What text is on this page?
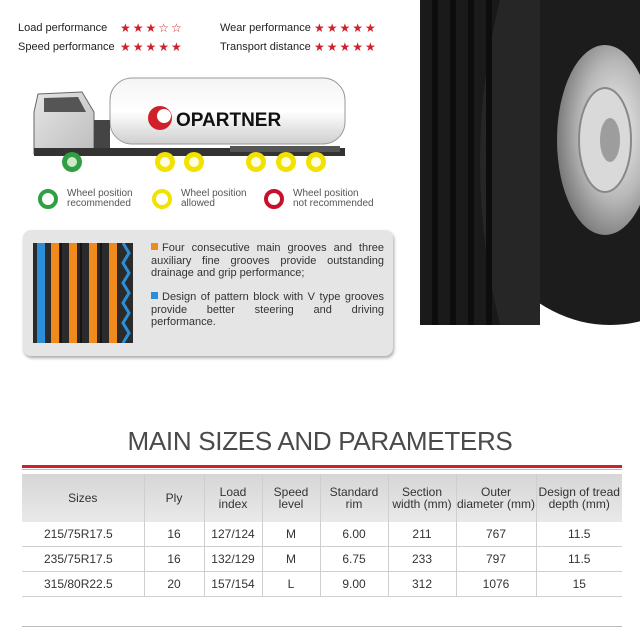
Load performance ★★★☆☆
Speed performance ★★★★★
Wear performance ★★★★★
Transport distance ★★★★★
OPARTNER
Wheel position
recommended
Wheel position
allowed
Wheel position
not recommended
Four consecutive main grooves and three auxiliary fine grooves provide outstanding drainage and grip performance;
Design of pattern block with V type grooves provide better steering and driving performance.
MAIN SIZES AND PARAMETERS
Sizes	Ply	Load index	Speed level	Standard rim	Section width (mm)	Outer diameter (mm)	Design of tread depth (mm)
215/75R17.5	16	127/124	M	6.00	211	767	11.5
235/75R17.5	16	132/129	M	6.75	233	797	11.5
315/80R22.5	20	157/154	L	9.00	312	1076	15
